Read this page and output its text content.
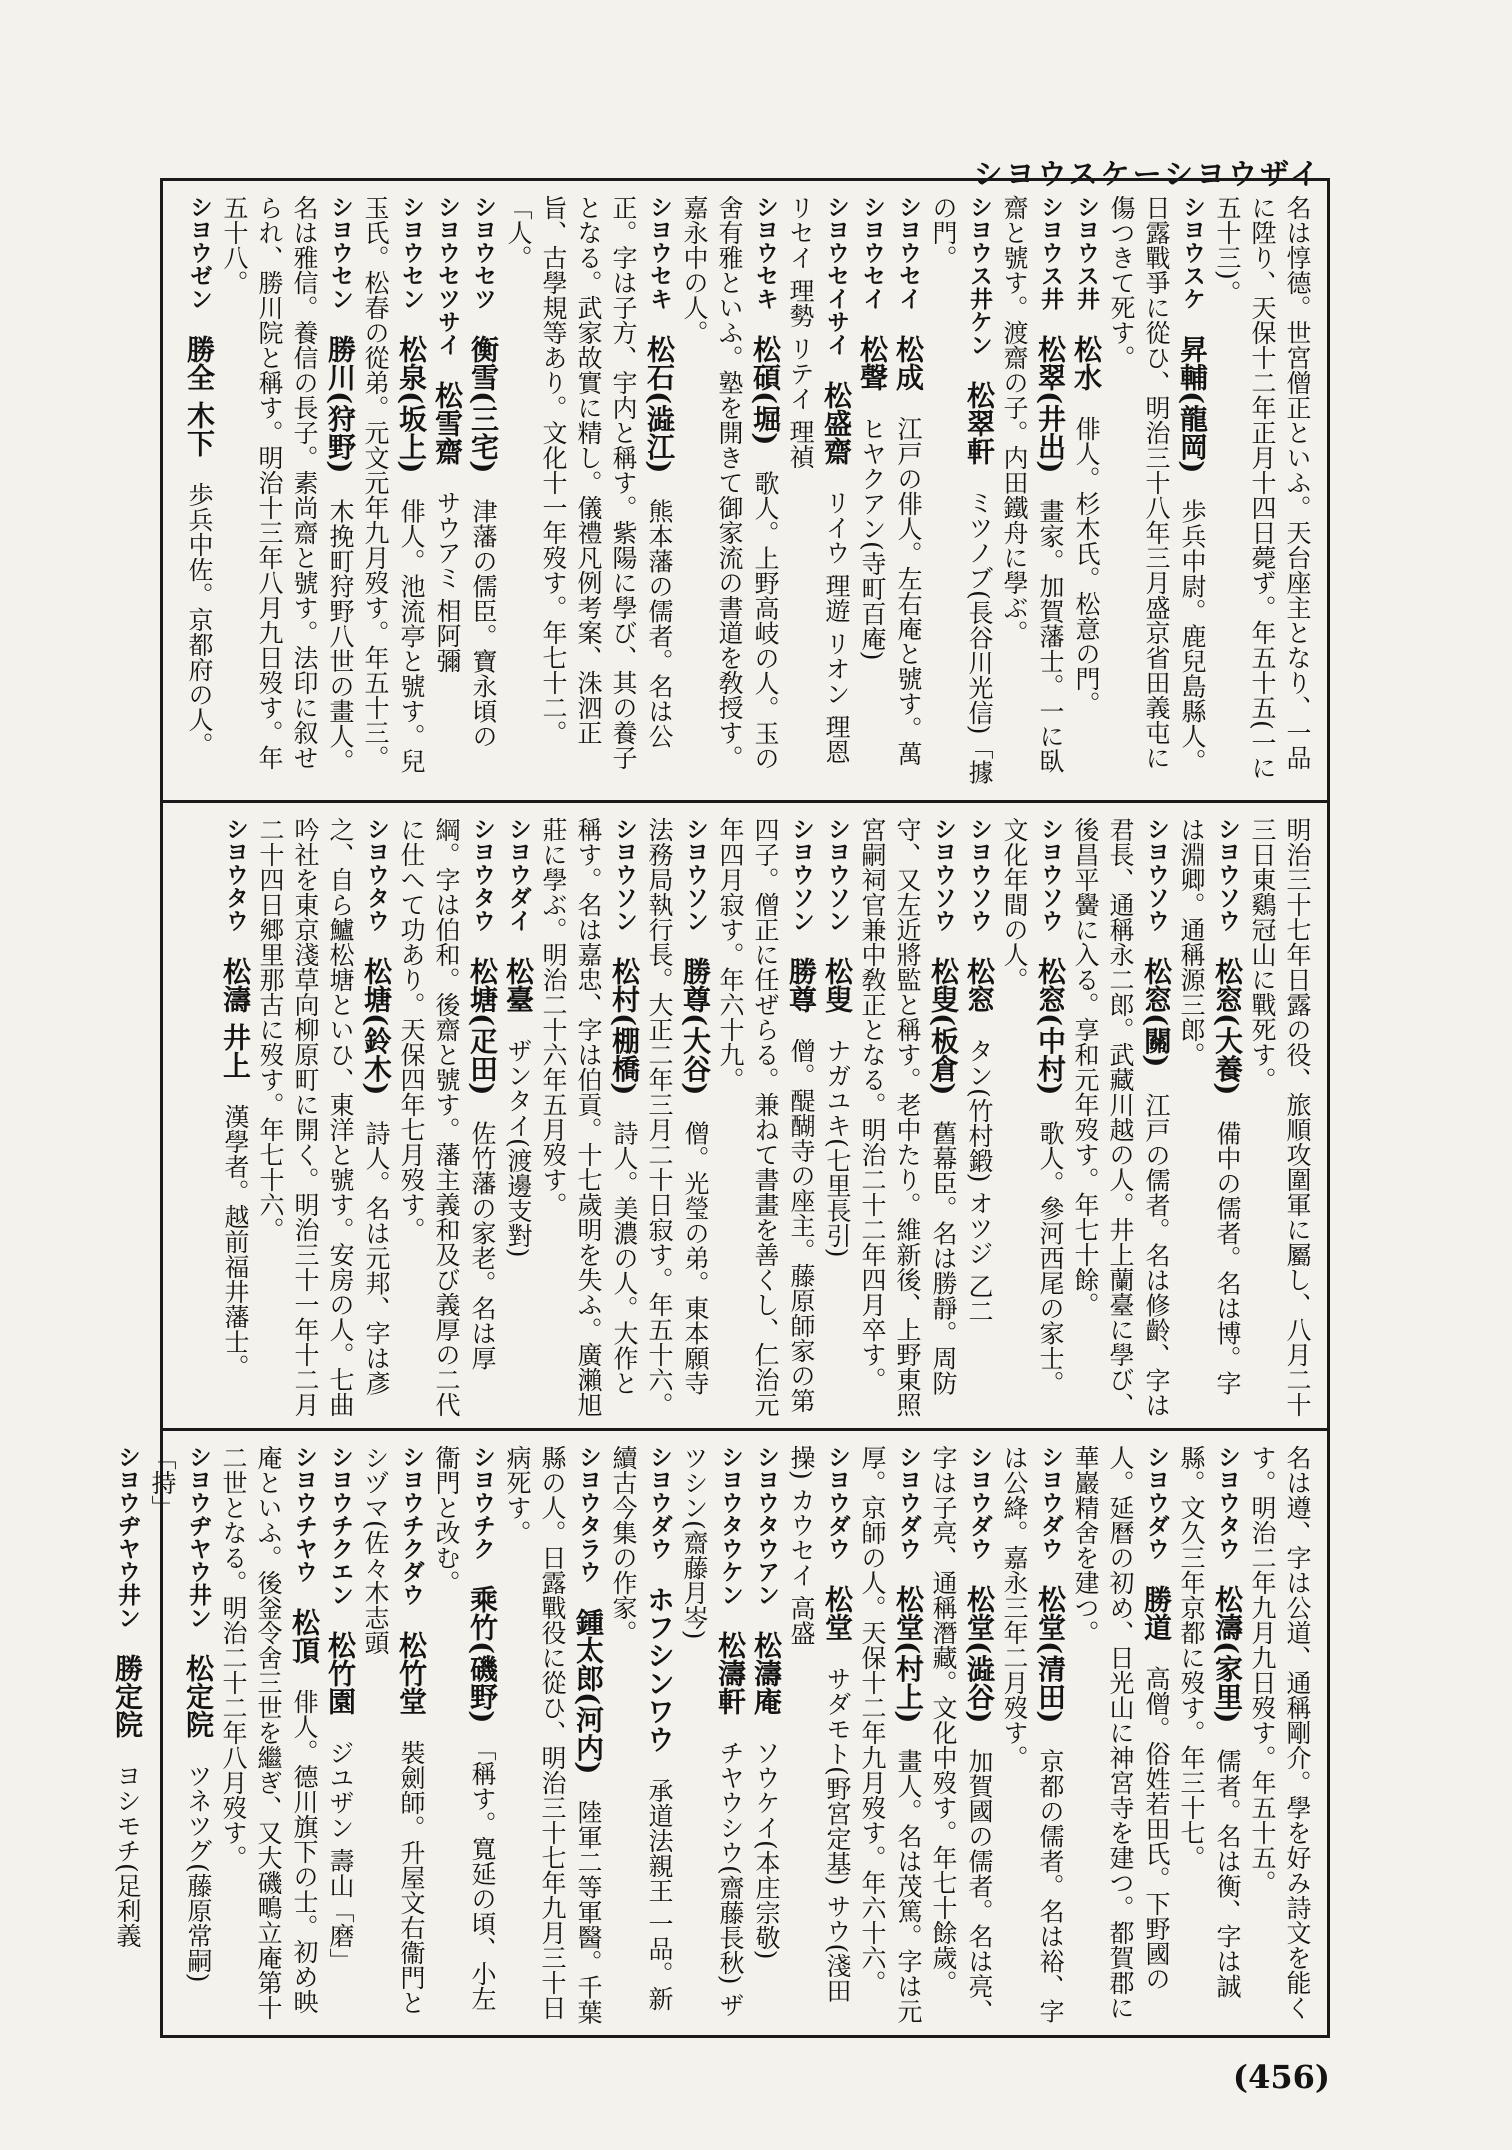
シヨウスケーシヨウザイ

名は惇德。世宮僧正といふ。天台座主となり、一品に陞り、天保十二年正月十四日薨ず。年五十五(一に五十三)。

シヨウスケ　昇輔(龍岡)　歩兵中尉。鹿兒島縣人。日露戰爭に從ひ、明治三十八年三月盛京省田義屯に傷つきて死す。

シヨウス井　松水　俳人。杉木氏。松意の門。

シヨウス井　松翠(井出)　畫家。加賀藩士。一に臥齋と號す。渡齋の子。内田鐵舟に學ぶ。

シヨウス井ケン　松翠軒　ミツノブ(長谷川光信)「據の門。

シヨウセイ　松成　江戸の俳人。左右庵と號す。萬

シヨウセイ　松聲　ヒヤクアン(寺町百庵)

シヨウセイサイ　松盛齋　リイウ 理遊 リオン 理恩 リセイ 理勢 リテイ 理禎

シヨウセキ　松碩(堀)　歌人。上野高岐の人。玉の舍有雅といふ。塾を開きて御家流の書道を敎授す。嘉永中の人。

シヨウセキ　松石(澁江)　熊本藩の儒者。名は公正。字は子方、宇内と稱す。紫陽に學び、其の養子となる。武家故實に精し。儀禮凡例考案、洙泗正旨、古學規等あり。文化十一年歿す。年七十二。「人。

シヨウセツ　衡雪(三宅)　津藩の儒臣。寶永頃の

シヨウセツサイ　松雪齋　サウアミ 相阿彌

シヨウセン　松泉(坂上)　俳人。池流亭と號す。兒玉氏。松春の從弟。元文元年九月歿す。年五十三。

シヨウセン　勝川(狩野)　木挽町狩野八世の畫人。名は雅信。養信の長子。素尚齋と號す。法印に叙せられ、勝川院と稱す。明治十三年八月九日歿す。年五十八。

シヨウゼン　勝全 木下　歩兵中佐。京都府の人。

明治三十七年日露の役、旅順攻圍軍に屬し、八月二十三日東鷄冠山に戰死す。

シヨウソウ　松窓(大養)　備中の儒者。名は博。字は淵卿。通稱源三郎。

シヨウソウ　松窓(關)　江戸の儒者。名は修齡、字は君長、通稱永二郎。武藏川越の人。井上蘭臺に學び、後昌平黌に入る。享和元年歿す。年七十餘。

シヨウソウ　松窓(中村)　歌人。參河西尾の家士。文化年間の人。

シヨウソウ　松窓　タン(竹村鍛) オツジ 乙二

シヨウソウ　松叟(板倉)　舊幕臣。名は勝靜。周防守、又左近將監と稱す。老中たり。維新後、上野東照宮嗣祠官兼中敎正となる。明治二十二年四月卒す。

シヨウソン　松叟　ナガユキ(七里長引)

シヨウソン　勝尊　僧。醍醐寺の座主。藤原師家の第四子。僧正に任ぜらる。兼ねて書畫を善くし、仁治元年四月寂す。年六十九。

シヨウソン　勝尊(大谷)　僧。光瑩の弟。東本願寺法務局執行長。大正二年三月二十日寂す。年五十六。

シヨウソン　松村(棚橋)　詩人。美濃の人。大作と稱す。名は嘉忠、字は伯貢。十七歲明を失ふ。廣瀨旭莊に學ぶ。明治二十六年五月歿す。

シヨウダイ　松臺　ザンタイ(渡邊支對)

シヨウタウ　松塘(疋田)　佐竹藩の家老。名は厚綱。字は伯和。後齋と號す。藩主義和及び義厚の二代に仕へて功あり。天保四年七月歿す。

シヨウタウ　松塘(鈴木)　詩人。名は元邦、字は彥之、自ら鱸松塘といひ、東洋と號す。安房の人。七曲吟社を東京淺草向柳原町に開く。明治三十一年十二月二十四日郷里那古に歿す。年七十六。

シヨウタウ　松濤 井上　漢學者。越前福井藩士。

名は遵、字は公道、通稱剛介。學を好み詩文を能くす。明治二年九月九日歿す。年五十五。

シヨウタウ　松濤(家里)　儒者。名は衡、字は誠縣。文久三年京都に歿す。年三十七。

シヨウダウ　勝道　高僧。俗姓若田氏。下野國の人。延曆の初め、日光山に神宮寺を建つ。都賀郡に華巖精舍を建つ。

シヨウダウ　松堂(清田)　京都の儒者。名は裕、字は公絳。嘉永三年二月歿す。

シヨウダウ　松堂(澁谷)　加賀國の儒者。名は亮、字は子亮、通稱潛藏。文化中歿す。年七十餘歲。

シヨウダウ　松堂(村上)　畫人。名は茂篤。字は元厚。京師の人。天保十二年九月歿す。年六十六。

シヨウダウ　松堂　サダモト(野宮定基) サウ(淺田操) カウセイ 高盛

シヨウタウアン　松濤庵　ソウケイ(本庄宗敬)

シヨウタウケン　松濤軒　チヤウシウ(齋藤長秋) ザツシン(齋藤月岑)

シヨウダウ　ホフシンワウ　承道法親王 一品。新續古今集の作家。

シヨウタラウ　鍾太郎(河内)　陸軍二等軍醫。千葉縣の人。日露戰役に從ひ、明治三十七年九月三十日病死す。

シヨウチク　乘竹(磯野)　「稱す。寬延の頃、小左衞門と改む。

シヨウチクダウ　松竹堂　裝劍師。升屋文右衞門と シヅマ(佐々木志頭

シヨウチクエン　松竹園　ジユザン 壽山「磨」

シヨウチヤウ　松頂　俳人。德川旗下の士。初め映庵といふ。後釡令舍三世を繼ぎ、又大磯鴫立庵第十二世となる。明治二十二年八月歿す。

シヨウヂヤウ井ン　松定院　ツネツグ(藤原常嗣)「持」

シヨウヂヤウ井ン　勝定院　ヨシモチ(足利義

(456)
